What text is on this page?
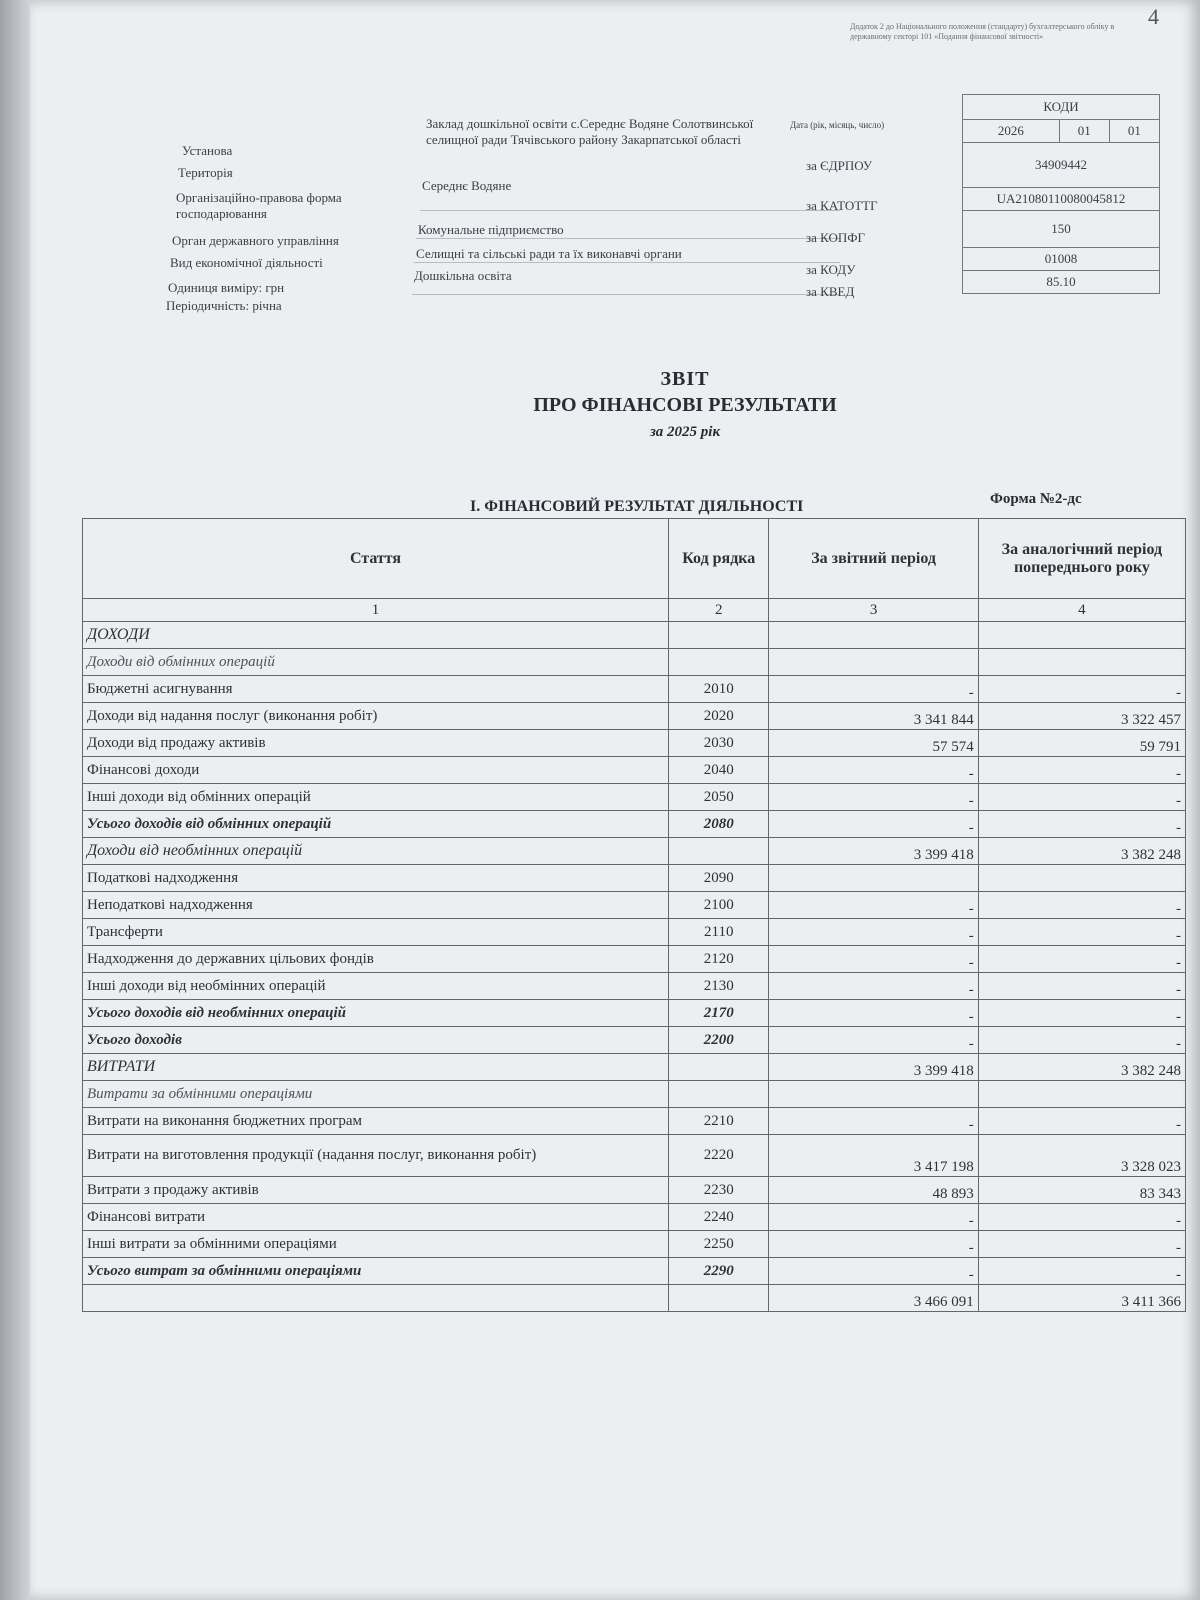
4
Додаток 2 до Національного положення (стандарту) бухгалтерського обліку в державному секторі 101 «Подання фінансової звітності»
Установа
Територія
Організаційно-правова форма господарювання
Орган державного управління
Вид економічної діяльності
Одиниця виміру: грн
Періодичність: річна
Заклад дошкільної освіти с.Середнє Водяне Солотвинської селищної ради Тячівського району Закарпатської області
Середнє Водяне
Комунальне підприємство
Селищні та сільські ради та їх виконавчі органи
Дошкільна освіта
Дата (рік, місяць, число)
за ЄДРПОУ
за КАТОТТГ
за КОПФГ
за КОДУ
за КВЕД
КОДИ
2026	01	01
34909442
UA21080110080045812
150
01008
85.10
ЗВІТ
ПРО ФІНАНСОВІ РЕЗУЛЬТАТИ
за 2025 рік
Форма №2-дс
І. ФІНАНСОВИЙ РЕЗУЛЬТАТ ДІЯЛЬНОСТІ
Стаття	Код рядка	За звітний період	За аналогічний період попереднього року
1	2	3	4
ДОХОДИ			
Доходи від обмінних операцій			
Бюджетні асигнування	2010	-	-
Доходи від надання послуг (виконання робіт)	2020	3 341 844	3 322 457
Доходи від продажу активів	2030	57 574	59 791
Фінансові доходи	2040	-	-
Інші доходи від обмінних операцій	2050	-	-
Усього доходів від обмінних операцій	2080	-	-
Доходи від необмінних операцій		3 399 418	3 382 248
Податкові надходження	2090		
Неподаткові надходження	2100	-	-
Трансферти	2110	-	-
Надходження до державних цільових фондів	2120	-	-
Інші доходи від необмінних операцій	2130	-	-
Усього доходів від необмінних операцій	2170	-	-
Усього доходів	2200	-	-
ВИТРАТИ		3 399 418	3 382 248
Витрати за обмінними операціями			
Витрати на виконання бюджетних програм	2210	-	-
Витрати на виготовлення продукції (надання послуг, виконання робіт)	2220	3 417 198	3 328 023
Витрати з продажу активів	2230	48 893	83 343
Фінансові витрати	2240	-	-
Інші витрати за обмінними операціями	2250	-	-
Усього витрат за обмінними операціями	2290	-	-
		3 466 091	3 411 366
